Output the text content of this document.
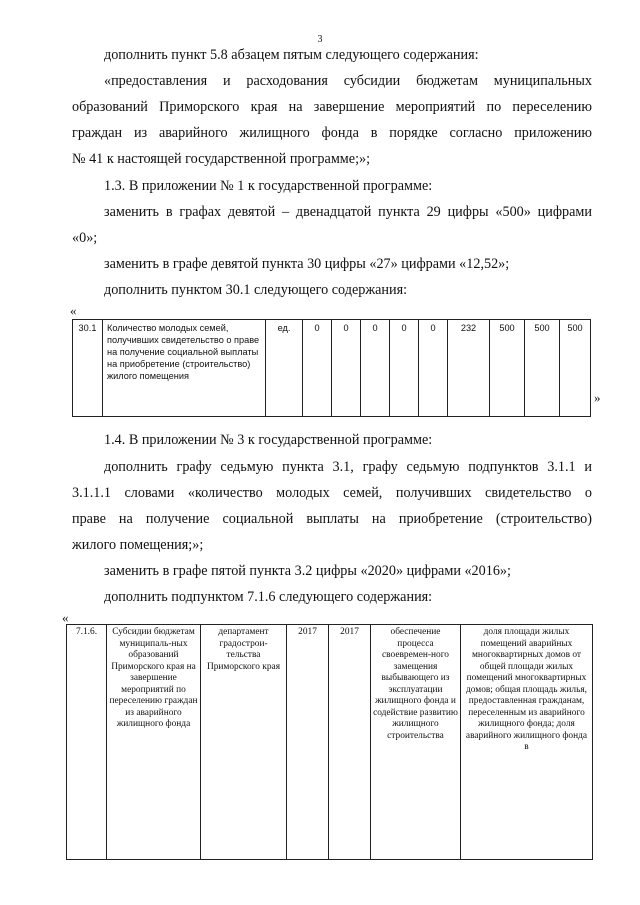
3
дополнить пункт 5.8 абзацем пятым следующего содержания:
«предоставления и расходования субсидии бюджетам муниципальных
образований Приморского края на завершение мероприятий по переселению
граждан из аварийного жилищного фонда в порядке согласно приложению
№ 41 к настоящей государственной программе;»;
1.3. В приложении № 1 к государственной программе:
заменить в графах девятой – двенадцатой пункта 29 цифры «500» цифрами
«0»;
заменить в графе девятой пункта 30 цифры «27» цифрами «12,52»;
дополнить пунктом 30.1 следующего содержания:
«
30.1	Количество молодых семей, получивших свидетельство о праве на получение социальной выплаты на приобретение (строительство) жилого помещения	ед.	0	0	0	0	0	232	500	500	500
»
1.4. В приложении № 3 к государственной программе:
дополнить графу седьмую пункта 3.1, графу седьмую подпунктов 3.1.1 и
3.1.1.1 словами «количество молодых семей, получивших свидетельство о
праве на получение социальной выплаты на приобретение (строительство)
жилого помещения;»;
заменить в графе пятой пункта 3.2 цифры «2020» цифрами «2016»;
дополнить подпунктом 7.1.6 следующего содержания:
«
7.1.6.	Субсидии бюджетам муниципаль-ных образований Приморского края на завершение мероприятий по переселению граждан из аварийного жилищного фонда	департамент градострои-тельства Приморского края	2017	2017	обеспечение процесса своевремен-ного замещения выбывающего из эксплуатации жилищного фонда и содействие развитию жилищного строительства	доля площади жилых помещений аварийных многоквартирных домов от общей площади жилых помещений многоквартирных домов; общая площадь жилья, предоставленная гражданам, переселенным из аварийного жилищного фонда; доля аварийного жилищного фонда в
